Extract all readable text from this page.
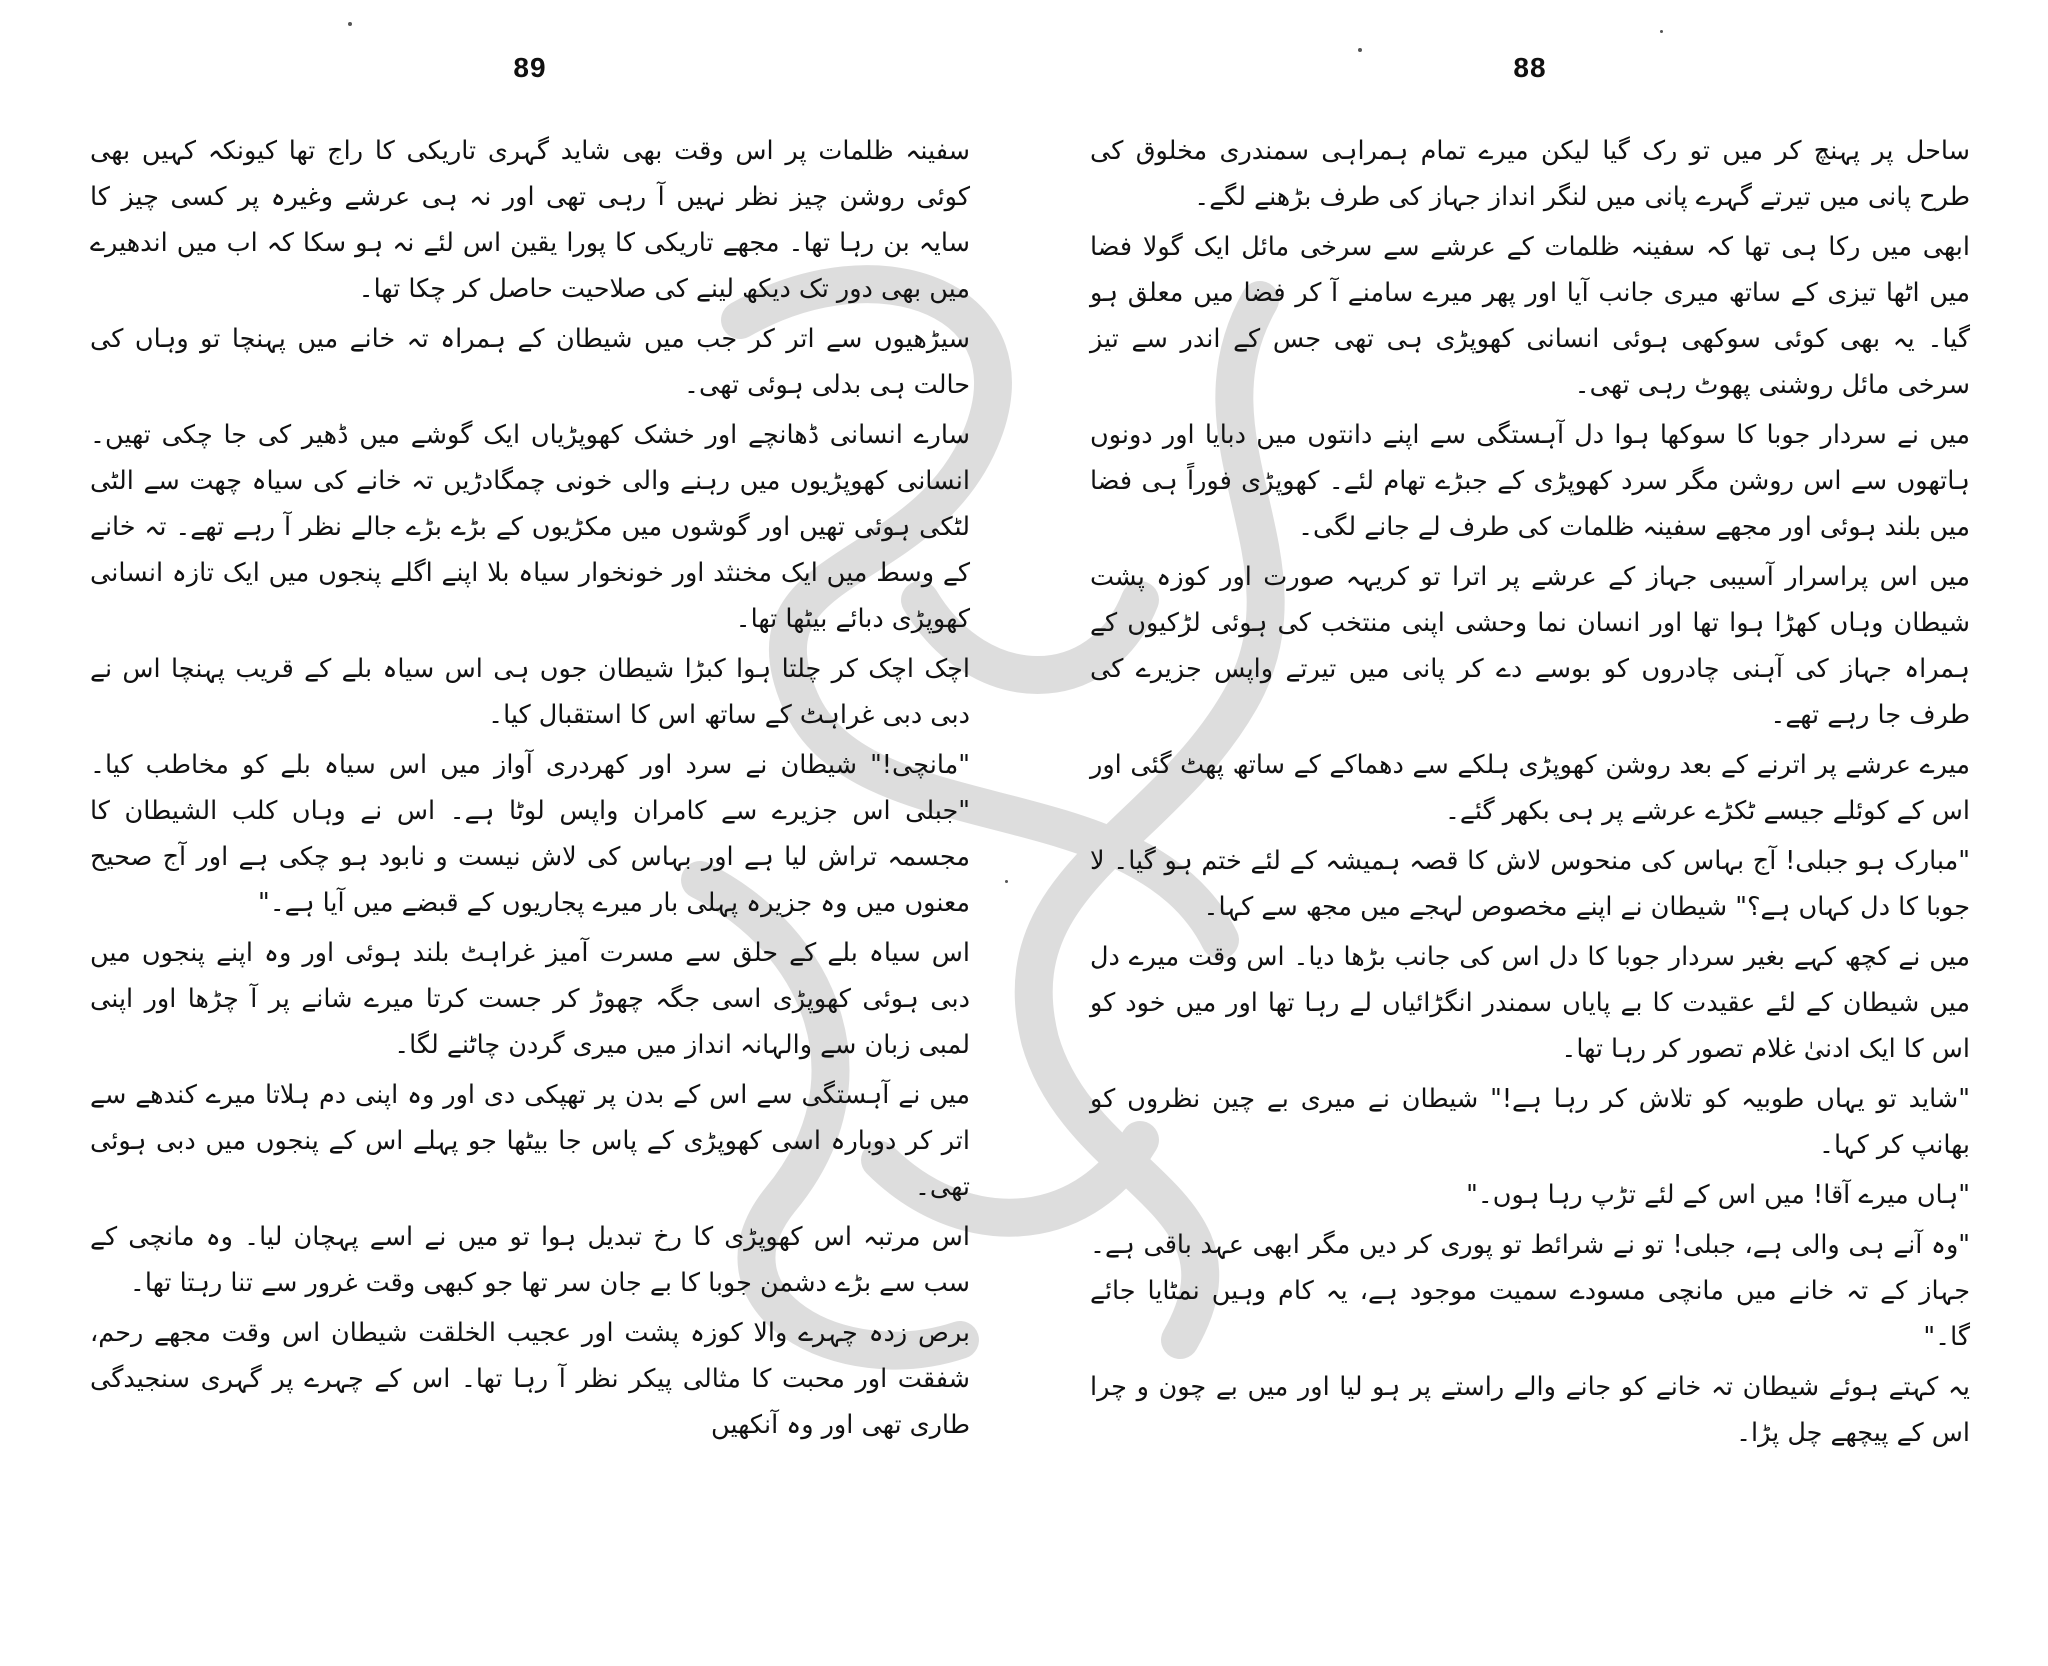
89

سفینہ ظلمات پر اس وقت بھی شاید گہری تاریکی کا راج تھا کیونکہ کہیں بھی کوئی روشن چیز نظر نہیں آ رہی تھی اور نہ ہی عرشے وغیرہ پر کسی چیز کا سایہ بن رہا تھا۔ مجھے تاریکی کا پورا یقین اس لئے نہ ہو سکا کہ اب میں اندھیرے میں بھی دور تک دیکھ لینے کی صلاحیت حاصل کر چکا تھا۔

سیڑھیوں سے اتر کر جب میں شیطان کے ہمراہ تہ خانے میں پہنچا تو وہاں کی حالت ہی بدلی ہوئی تھی۔

سارے انسانی ڈھانچے اور خشک کھوپڑیاں ایک گوشے میں ڈھیر کی جا چکی تھیں۔ انسانی کھوپڑیوں میں رہنے والی خونی چمگادڑیں تہ خانے کی سیاہ چھت سے الٹی لٹکی ہوئی تھیں اور گوشوں میں مکڑیوں کے بڑے بڑے جالے نظر آ رہے تھے۔ تہ خانے کے وسط میں ایک مخنثد اور خونخوار سیاہ بلا اپنے اگلے پنجوں میں ایک تازہ انسانی کھوپڑی دبائے بیٹھا تھا۔

اچک اچک کر چلتا ہوا کبڑا شیطان جوں ہی اس سیاہ بلے کے قریب پہنچا اس نے دبی دبی غراہٹ کے ساتھ اس کا استقبال کیا۔

"مانچی!" شیطان نے سرد اور کھردری آواز میں اس سیاہ بلے کو مخاطب کیا۔ "جبلی اس جزیرے سے کامران واپس لوٹا ہے۔ اس نے وہاں کلب الشیطان کا مجسمہ تراش لیا ہے اور بہاس کی لاش نیست و نابود ہو چکی ہے اور آج صحیح معنوں میں وہ جزیرہ پہلی بار میرے پجاریوں کے قبضے میں آیا ہے۔"

اس سیاہ بلے کے حلق سے مسرت آمیز غراہٹ بلند ہوئی اور وہ اپنے پنجوں میں دبی ہوئی کھوپڑی اسی جگہ چھوڑ کر جست کرتا میرے شانے پر آ چڑھا اور اپنی لمبی زبان سے والہانہ انداز میں میری گردن چاٹنے لگا۔

میں نے آہستگی سے اس کے بدن پر تھپکی دی اور وہ اپنی دم ہلاتا میرے کندھے سے اتر کر دوبارہ اسی کھوپڑی کے پاس جا بیٹھا جو پہلے اس کے پنجوں میں دبی ہوئی تھی۔

اس مرتبہ اس کھوپڑی کا رخ تبدیل ہوا تو میں نے اسے پہچان لیا۔ وہ مانچی کے سب سے بڑے دشمن جوبا کا بے جان سر تھا جو کبھی وقت غرور سے تنا رہتا تھا۔

برص زدہ چہرے والا کوزہ پشت اور عجیب الخلقت شیطان اس وقت مجھے رحم، شفقت اور محبت کا مثالی پیکر نظر آ رہا تھا۔ اس کے چہرے پر گہری سنجیدگی طاری تھی اور وہ آنکھیں

88

ساحل پر پہنچ کر میں تو رک گیا لیکن میرے تمام ہمراہی سمندری مخلوق کی طرح پانی میں تیرتے گہرے پانی میں لنگر انداز جہاز کی طرف بڑھنے لگے۔

ابھی میں رکا ہی تھا کہ سفینہ ظلمات کے عرشے سے سرخی مائل ایک گولا فضا میں اٹھا تیزی کے ساتھ میری جانب آیا اور پھر میرے سامنے آ کر فضا میں معلق ہو گیا۔ یہ بھی کوئی سوکھی ہوئی انسانی کھوپڑی ہی تھی جس کے اندر سے تیز سرخی مائل روشنی پھوٹ رہی تھی۔

میں نے سردار جوبا کا سوکھا ہوا دل آہستگی سے اپنے دانتوں میں دبایا اور دونوں ہاتھوں سے اس روشن مگر سرد کھوپڑی کے جبڑے تھام لئے۔ کھوپڑی فوراً ہی فضا میں بلند ہوئی اور مجھے سفینہ ظلمات کی طرف لے جانے لگی۔

میں اس پراسرار آسیبی جہاز کے عرشے پر اترا تو کریہہ صورت اور کوزہ پشت شیطان وہاں کھڑا ہوا تھا اور انسان نما وحشی اپنی منتخب کی ہوئی لڑکیوں کے ہمراہ جہاز کی آہنی چادروں کو بوسے دے کر پانی میں تیرتے واپس جزیرے کی طرف جا رہے تھے۔

میرے عرشے پر اترنے کے بعد روشن کھوپڑی ہلکے سے دھماکے کے ساتھ پھٹ گئی اور اس کے کوئلے جیسے ٹکڑے عرشے پر ہی بکھر گئے۔

"مبارک ہو جبلی! آج بہاس کی منحوس لاش کا قصہ ہمیشہ کے لئے ختم ہو گیا۔ لا جوبا کا دل کہاں ہے؟" شیطان نے اپنے مخصوص لہجے میں مجھ سے کہا۔

میں نے کچھ کہے بغیر سردار جوبا کا دل اس کی جانب بڑھا دیا۔ اس وقت میرے دل میں شیطان کے لئے عقیدت کا بے پایاں سمندر انگڑائیاں لے رہا تھا اور میں خود کو اس کا ایک ادنیٰ غلام تصور کر رہا تھا۔

"شاید تو یہاں طوبیہ کو تلاش کر رہا ہے!" شیطان نے میری بے چین نظروں کو بھانپ کر کہا۔

"ہاں میرے آقا! میں اس کے لئے تڑپ رہا ہوں۔"

"وہ آنے ہی والی ہے، جبلی! تو نے شرائط تو پوری کر دیں مگر ابھی عہد باقی ہے۔ جہاز کے تہ خانے میں مانچی مسودے سمیت موجود ہے، یہ کام وہیں نمٹایا جائے گا۔"

یہ کہتے ہوئے شیطان تہ خانے کو جانے والے راستے پر ہو لیا اور میں بے چون و چرا اس کے پیچھے چل پڑا۔
